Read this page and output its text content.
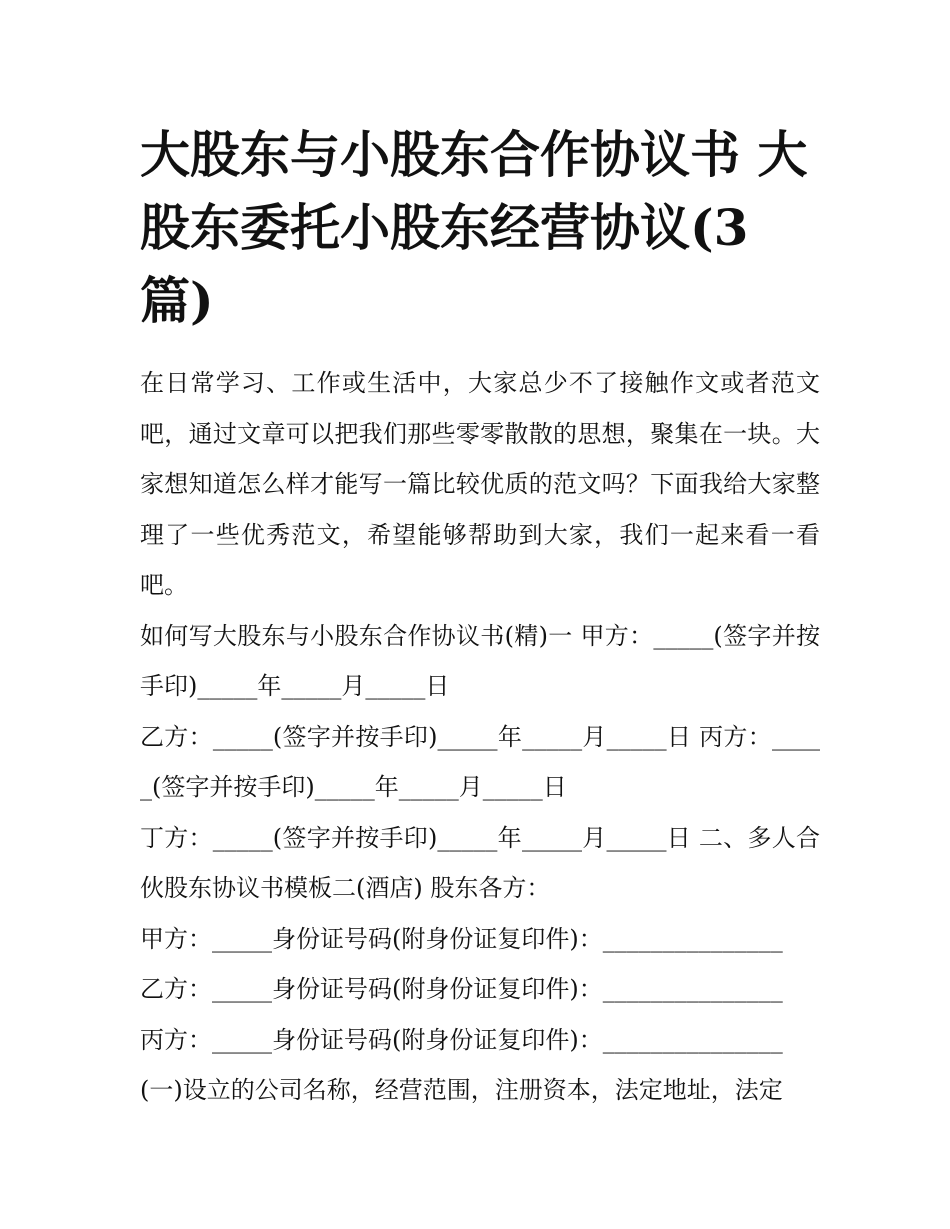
大股东与小股东合作协议书 大股东委托小股东经营协议(3篇)

在日常学习、工作或生活中，大家总少不了接触作文或者范文吧，通过文章可以把我们那些零零散散的思想，聚集在一块。大家想知道怎么样才能写一篇比较优质的范文吗？下面我给大家整理了一些优秀范文，希望能够帮助到大家，我们一起来看一看吧。

如何写大股东与小股东合作协议书(精)一 甲方：_____(签字并按手印)_____年_____月_____日

乙方：_____(签字并按手印)_____年_____月_____日 丙方：_____(签字并按手印)_____年_____月_____日

丁方：_____(签字并按手印)_____年_____月_____日 二、多人合伙股东协议书模板二(酒店) 股东各方：

甲方：_____身份证号码(附身份证复印件)：_______________

乙方：_____身份证号码(附身份证复印件)：_______________

丙方：_____身份证号码(附身份证复印件)：_______________

(一)设立的公司名称，经营范围，注册资本，法定地址，法定
